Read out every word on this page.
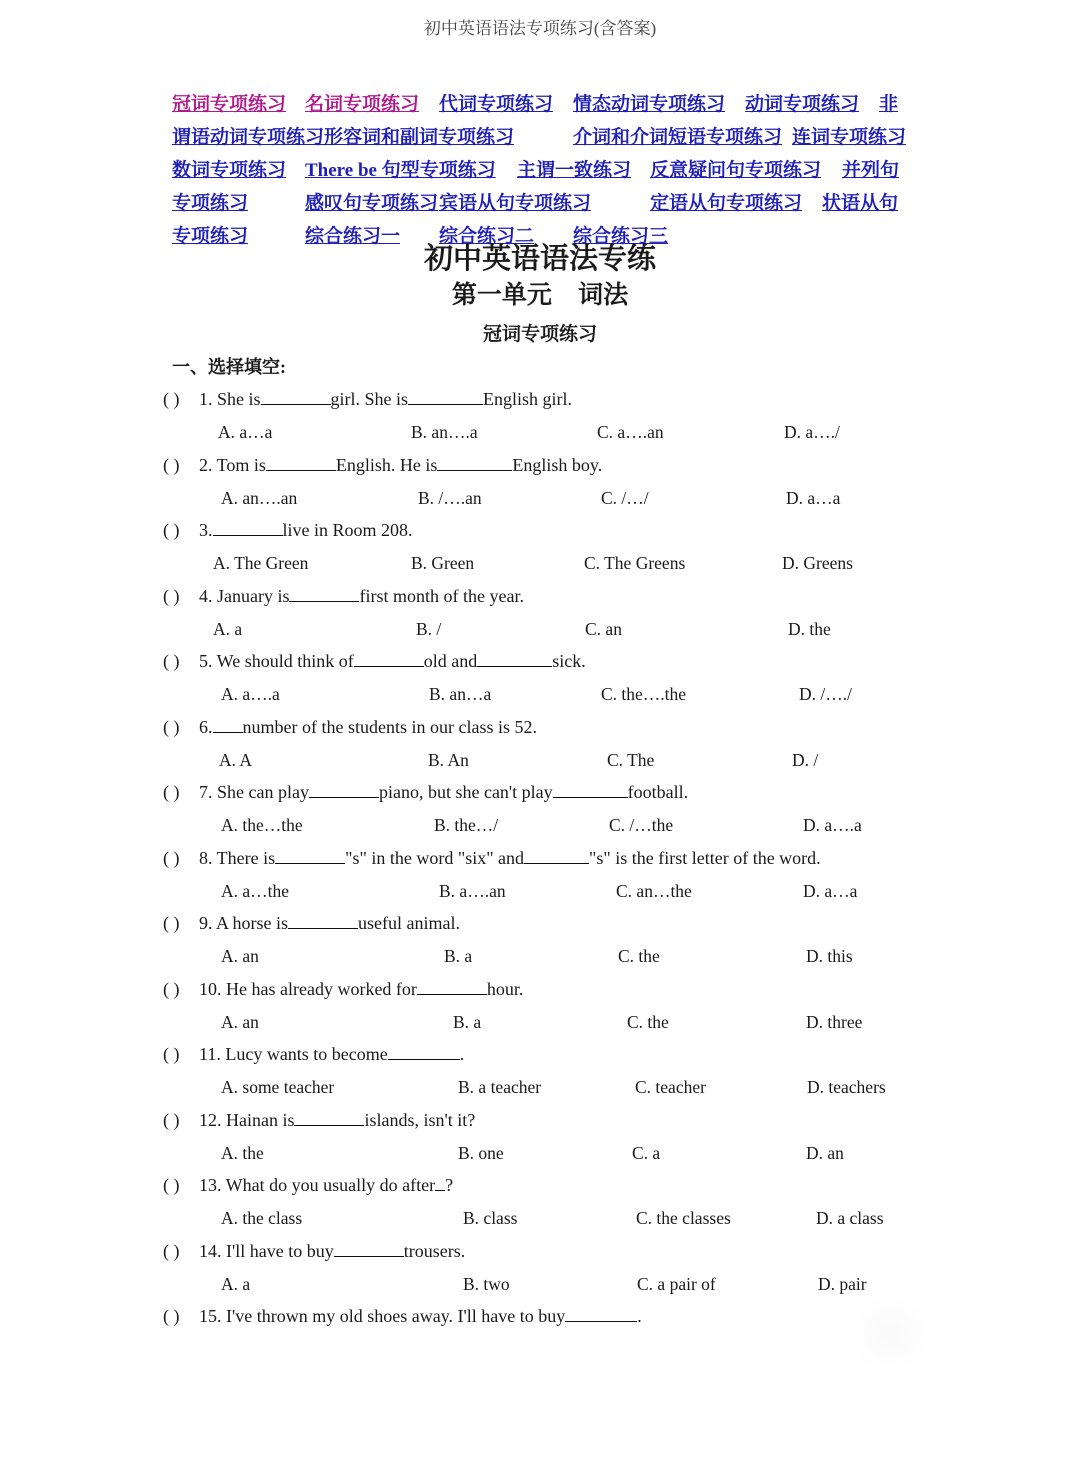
初中英语语法专项练习(含答案)
冠词专项练习 名词专项练习 代词专项练习 情态动词专项练习 动词专项练习 非
谓语动词专项练习 形容词和副词专项练习	介词和介词短语专项练习 连词专项练习
数词专项练习 There be 句型专项练习 主谓一致练习 反意疑问句专项练习 并列句
专项练习	感叹句专项练习 宾语从句专项练习	定语从句专项练习 状语从句
专项练习	综合练习一 综合练习二 综合练习三
初中英语语法专练
第一单元 词法
冠词专项练习
一、选择填空:
( ) 1. She is	girl. She is	English girl.
A. a…a	B. an….a	C. a….an	D. a…./
( ) 2. Tom is	English. He is	English boy.
A. an….an	B. /….an	C. /…/	D. a…a
( ) 3.	live in Room 208.
A. The Green	B. Green	C. The Greens	D. Greens
( ) 4. January is	first month of the year.
A. a	B. /	C. an	D. the
( ) 5. We should think of	old and	sick.
A. a….a	B. an…a	C. the….the	D. /…./
( ) 6. number of the students in our class is 52.
A. A	B. An	C. The	D. /
( ) 7. She can play	piano, but she can't play	football.
A. the…the	B. the…/	C. /…the	D. a….a
( ) 8. There is	"s" in the word "six" and	"s" is the first letter of the word.
A. a…the	B. a….an	C. an…the	D. a…a
( ) 9. A horse is	useful animal.
A. an	B. a	C. the	D. this
( ) 10. He has already worked for	hour.
A. an	B. a	C. the	D. three
( ) 11. Lucy wants to become	.
A. some teacher	B. a teacher	C. teacher	D. teachers
( ) 12. Hainan is	islands, isn't it?
A. the	B. one	C. a	D. an
( ) 13. What do you usually do after ?
A. the class	B. class	C. the classes	D. a class
( ) 14. I'll have to buy	trousers.
A. a	B. two	C. a pair of	D. pair
( ) 15. I've thrown my old shoes away. I'll have to buy	.
